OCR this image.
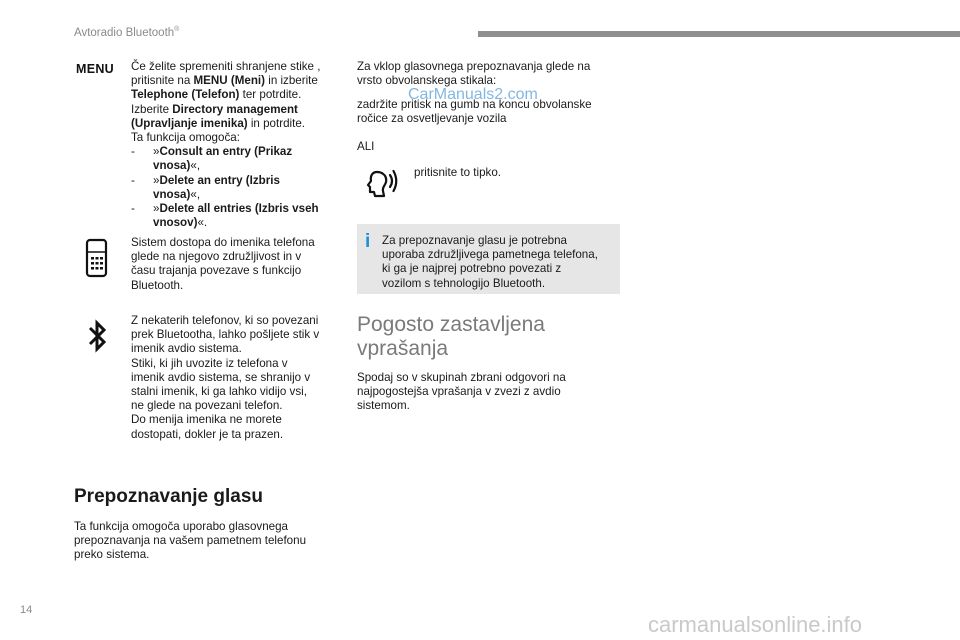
Avtoradio Bluetooth®
MENU Če želite spremeniti shranjene stike ,

pritisnite na MENU (Meni) in izberite

Telephone (Telefon) ter potrdite.

Izberite Directory management

(Upravljanje imenika) in potrdite.

Ta funkcija omogoča:

- »Consult an entry (Prikaz
vnosa)«,
- »Delete an entry (Izbris
vnosa)«,
- »Delete all entries (Izbris vseh
vnosov)«.

Sistem dostopa do imenika telefona

glede na njegovo združljivost in v

času trajanja povezave s funkcijo

Bluetooth.

Z nekaterih telefonov, ki so povezani

prek Bluetootha, lahko pošljete stik v

imenik avdio sistema.

Stiki, ki jih uvozite iz telefona v

imenik avdio sistema, se shranijo v

stalni imenik, ki ga lahko vidijo vsi,

ne glede na povezani telefon.

Do menija imenika ne morete

dostopati, dokler je ta prazen.

Prepoznavanje glasu

Ta funkcija omogoča uporabo glasovnega

prepoznavanja na vašem pametnem telefonu

preko sistema.

Za vklop glasovnega prepoznavanja glede na

vrsto obvolanskega stikala:

CarManuals2.com

zadržite pritisk na gumb na koncu obvolanske

ročice za osvetljevanje vozila

ALI
pritisnite to tipko.
i Za prepoznavanje glasu je potrebna

uporaba združljivega pametnega telefona,

ki ga je najprej potrebno povezati z

vozilom s tehnologijo Bluetooth.

Pogosto zastavljena
vprašanja

Spodaj so v skupinah zbrani odgovori na

najpogostejša vprašanja v zvezi z avdio

sistemom.

14
carmanualsonline.info
